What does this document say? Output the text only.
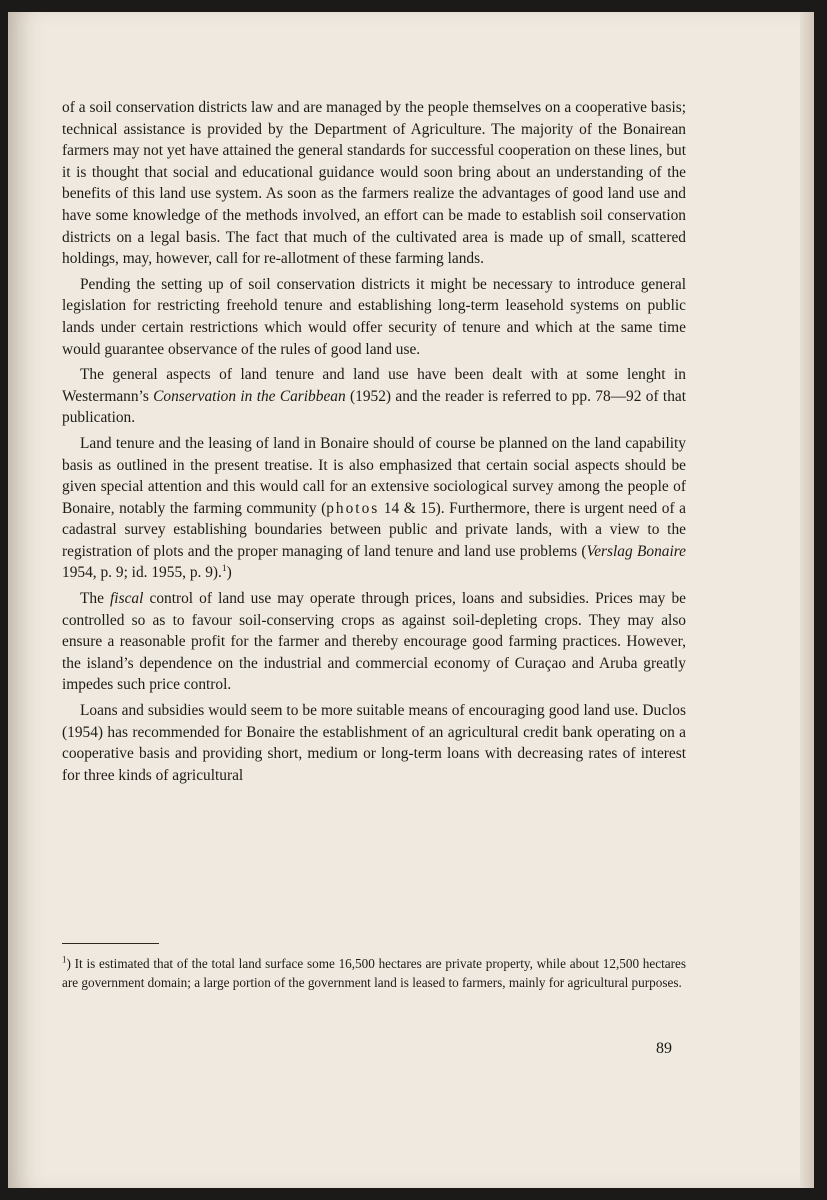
of a soil conservation districts law and are managed by the people themselves on a cooperative basis; technical assistance is provided by the Department of Agriculture. The majority of the Bonairean farmers may not yet have attained the general standards for successful cooperation on these lines, but it is thought that social and educational guidance would soon bring about an understanding of the benefits of this land use system. As soon as the farmers realize the advantages of good land use and have some knowledge of the methods involved, an effort can be made to establish soil conservation districts on a legal basis. The fact that much of the cultivated area is made up of small, scattered holdings, may, however, call for re-allotment of these farming lands.

Pending the setting up of soil conservation districts it might be necessary to introduce general legislation for restricting freehold tenure and establishing long-term leasehold systems on public lands under certain restrictions which would offer security of tenure and which at the same time would guarantee observance of the rules of good land use.

The general aspects of land tenure and land use have been dealt with at some lenght in Westermann’s Conservation in the Caribbean (1952) and the reader is referred to pp. 78—92 of that publication.

Land tenure and the leasing of land in Bonaire should of course be planned on the land capability basis as outlined in the present treatise. It is also emphasized that certain social aspects should be given special attention and this would call for an extensive sociological survey among the people of Bonaire, notably the farming community (photos 14 & 15). Furthermore, there is urgent need of a cadastral survey establishing boundaries between public and private lands, with a view to the registration of plots and the proper managing of land tenure and land use problems (Verslag Bonaire 1954, p. 9; id. 1955, p. 9).$^1$)

The fiscal control of land use may operate through prices, loans and subsidies. Prices may be controlled so as to favour soil-conserving crops as against soil-depleting crops. They may also ensure a reasonable profit for the farmer and thereby encourage good farming practices. However, the island’s dependence on the industrial and commercial economy of Curaçao and Aruba greatly impedes such price control.

Loans and subsidies would seem to be more suitable means of encouraging good land use. Duclos (1954) has recommended for Bonaire the establishment of an agricultural credit bank operating on a cooperative basis and providing short, medium or long-term loans with decreasing rates of interest for three kinds of agricultural

$^1$) It is estimated that of the total land surface some 16,500 hectares are private property, while about 12,500 hectares are government domain; a large portion of the government land is leased to farmers, mainly for agricultural purposes.
89
